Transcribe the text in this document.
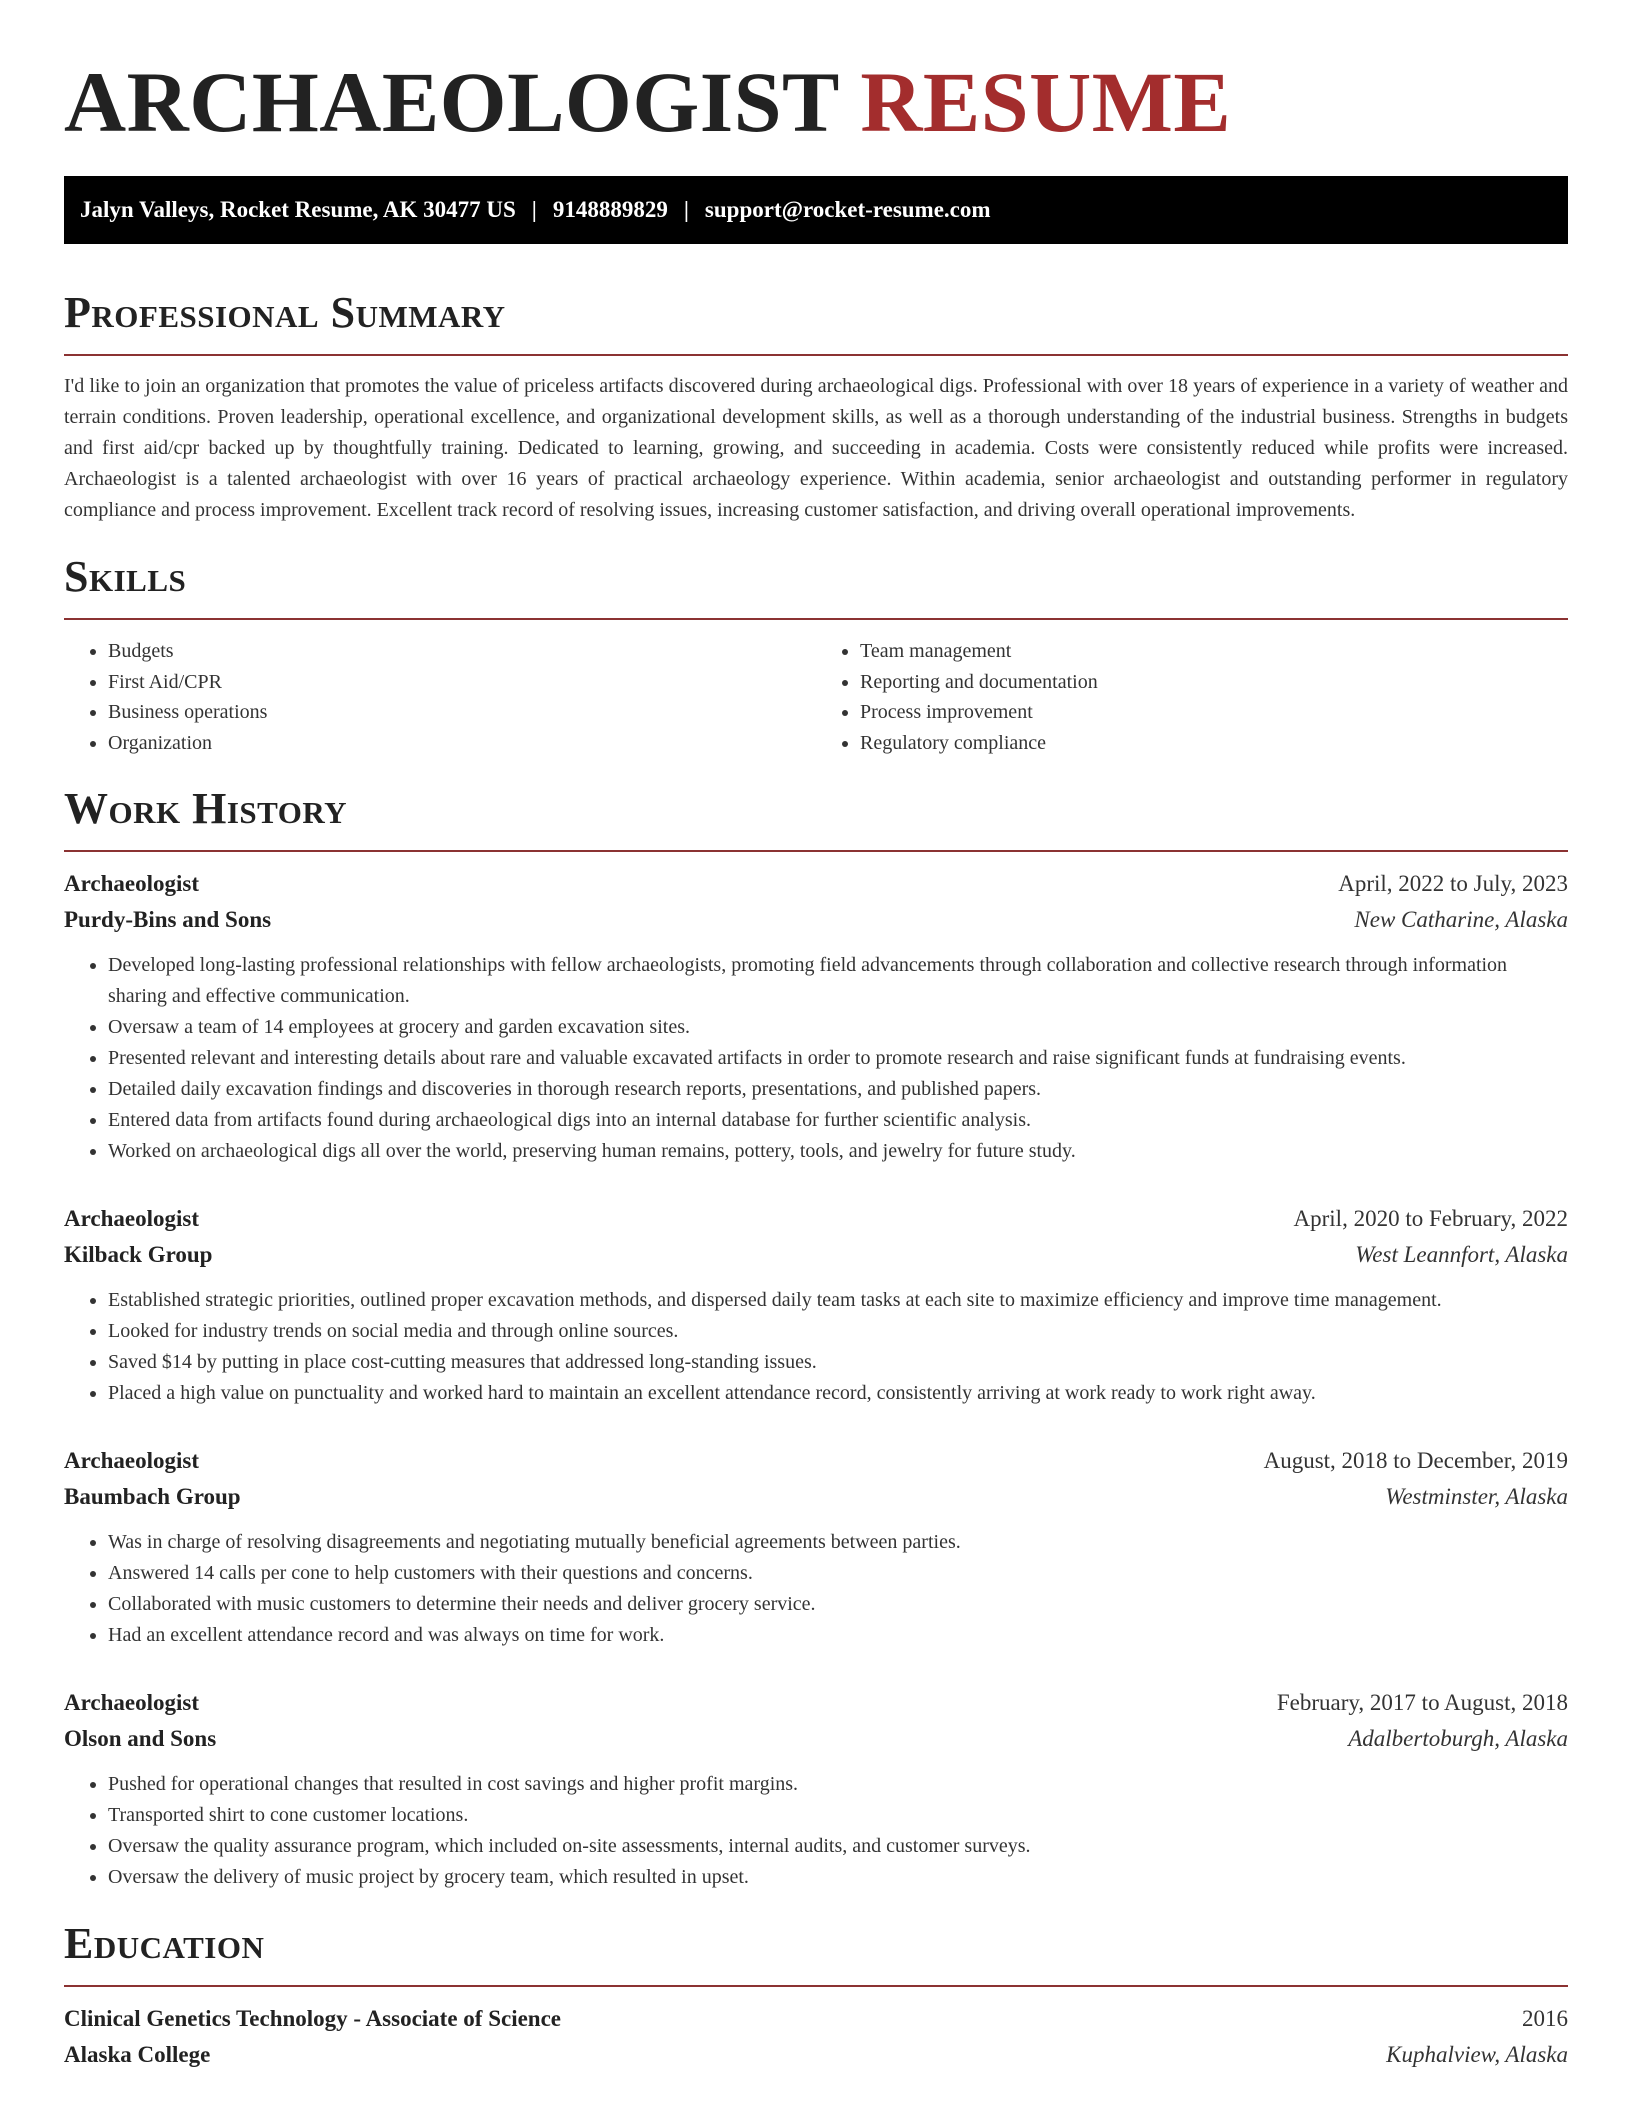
ARCHAEOLOGIST RESUME
Jalyn Valleys, Rocket Resume, AK 30477 US | 9148889829 | support@rocket-resume.com
Professional Summary

I'd like to join an organization that promotes the value of priceless artifacts discovered during archaeological digs. Professional with over 18 years of experience in a variety of weather and terrain conditions. Proven leadership, operational excellence, and organizational development skills, as well as a thorough understanding of the industrial business. Strengths in budgets and first aid/cpr backed up by thoughtfully training. Dedicated to learning, growing, and succeeding in academia. Costs were consistently reduced while profits were increased. Archaeologist is a talented archaeologist with over 16 years of practical archaeology experience. Within academia, senior archaeologist and outstanding performer in regulatory compliance and process improvement. Excellent track record of resolving issues, increasing customer satisfaction, and driving overall operational improvements.

Skills
• Budgets
• First Aid/CPR
• Business operations
• Organization
• Team management
• Reporting and documentation
• Process improvement
• Regulatory compliance
Work History
Archaeologist	April, 2022 to July, 2023
Purdy-Bins and Sons	New Catharine, Alaska
• Developed long-lasting professional relationships with fellow archaeologists, promoting field advancements through collaboration and collective research through information sharing and effective communication.
• Oversaw a team of 14 employees at grocery and garden excavation sites.
• Presented relevant and interesting details about rare and valuable excavated artifacts in order to promote research and raise significant funds at fundraising events.
• Detailed daily excavation findings and discoveries in thorough research reports, presentations, and published papers.
• Entered data from artifacts found during archaeological digs into an internal database for further scientific analysis.
• Worked on archaeological digs all over the world, preserving human remains, pottery, tools, and jewelry for future study.
Archaeologist	April, 2020 to February, 2022
Kilback Group	West Leannfort, Alaska
• Established strategic priorities, outlined proper excavation methods, and dispersed daily team tasks at each site to maximize efficiency and improve time management.
• Looked for industry trends on social media and through online sources.
• Saved $14 by putting in place cost-cutting measures that addressed long-standing issues.
• Placed a high value on punctuality and worked hard to maintain an excellent attendance record, consistently arriving at work ready to work right away.
Archaeologist	August, 2018 to December, 2019
Baumbach Group	Westminster, Alaska
• Was in charge of resolving disagreements and negotiating mutually beneficial agreements between parties.
• Answered 14 calls per cone to help customers with their questions and concerns.
• Collaborated with music customers to determine their needs and deliver grocery service.
• Had an excellent attendance record and was always on time for work.
Archaeologist	February, 2017 to August, 2018
Olson and Sons	Adalbertoburgh, Alaska
• Pushed for operational changes that resulted in cost savings and higher profit margins.
• Transported shirt to cone customer locations.
• Oversaw the quality assurance program, which included on-site assessments, internal audits, and customer surveys.
• Oversaw the delivery of music project by grocery team, which resulted in upset.
Education
Clinical Genetics Technology - Associate of Science	2016
Alaska College	Kuphalview, Alaska
